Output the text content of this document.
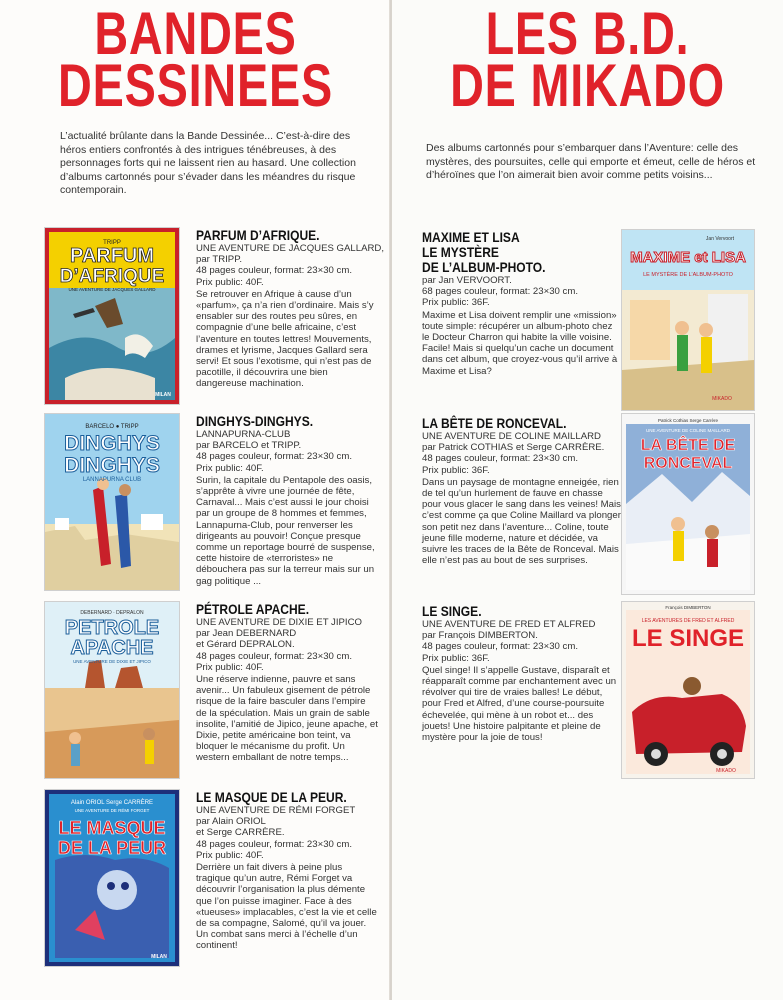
BANDES
DESSINEES
L’actualité brûlante dans la Bande Dessinée... C’est-à-dire des héros entiers confrontés à des intrigues ténébreuses, à des personnages forts qui ne laissent rien au hasard. Une collection d’albums cartonnés pour s’évader dans les méandres du risque contemporain.
TRIPP
PARFUM
D’AFRIQUE
UNE AVENTURE DE JACQUES GALLARD
MILAN
PARFUM D’AFRIQUE.
UNE AVENTURE DE JACQUES GALLARD,
par TRIPP.
48 pages couleur, format: 23×30 cm.
Prix public: 40F.
Se retrouver en Afrique à cause d’un «parfum», ça n’a rien d’ordinaire. Mais s’y ensabler sur des routes peu sûres, en compagnie d’une belle africaine, c’est l’aventure en toutes lettres! Mouvements, drames et lyrisme, Jacques Gallard sera servi! Et sous l’exotisme, qui n’est pas de pacotille, il découvrira une bien dangereuse machination.
BARCELO ● TRIPP
DINGHYS
DINGHYS
LANNAPURNA CLUB
DINGHYS-DINGHYS.
LANNAPURNA-CLUB
par BARCELO et TRIPP.
48 pages couleur, format: 23×30 cm.
Prix public: 40F.
Surin, la capitale du Pentapole des oasis, s’apprête à vivre une journée de fête, Carnaval... Mais c’est aussi le jour choisi par un groupe de 8 hommes et femmes, Lannapurna-Club, pour renverser les dirigeants au pouvoir! Conçue presque comme un reportage bourré de suspense, cette histoire de «terroristes» ne débouchera pas sur la terreur mais sur un gag politique ...
DEBERNARD · DEPRALON
PETROLE
APACHE
UNE AVENTURE DE DIXIE ET JIPICO
PÉTROLE APACHE.
UNE AVENTURE DE DIXIE ET JIPICO
par Jean DEBERNARD
et Gérard DEPRALON.
48 pages couleur, format: 23×30 cm.
Prix public: 40F.
Une réserve indienne, pauvre et sans avenir... Un fabuleux gisement de pétrole risque de la faire basculer dans l’empire de la spéculation. Mais un grain de sable insolite, l’amitié de Jipico, jeune apache, et Dixie, petite américaine bon teint, va bloquer le mécanisme du profit. Un western emballant de notre temps...
Alain ORIOL Serge CARRÈRE
UNE AVENTURE DE RÉMI FORGET
LE MASQUE
DE LA PEUR
MILAN
LE MASQUE DE LA PEUR.
UNE AVENTURE DE RÉMI FORGET
par Alain ORIOL
et Serge CARRÈRE.
48 pages couleur, format: 23×30 cm.
Prix public: 40F.
Derrière un fait divers à peine plus tragique qu’un autre, Rémi Forget va découvrir l’organisation la plus démente que l’on puisse imaginer. Face à des «tueuses» implacables, c’est la vie et celle de sa compagne, Salomé, qu’il va jouer. Un combat sans merci à l’échelle d’un continent!
LES B.D.
DE MIKADO
Des albums cartonnés pour s’embarquer dans l’Aventure: celle des mystères, des poursuites, celle qui emporte et émeut, celle de héros et d’héroïnes que l’on aimerait bien avoir comme petits voisins...
MAXIME ET LISA
LE MYSTÈRE
DE L’ALBUM-PHOTO.
par Jan VERVOORT.
68 pages couleur, format: 23×30 cm.
Prix public: 36F.
Maxime et Lisa doivent remplir une «mission» toute simple: récupérer un album-photo chez le Docteur Charron qui habite la ville voisine. Facile! Mais si quelqu’un cache un document dans cet album, que croyez-vous qu’il arrive à Maxime et Lisa?
Jan Vervoort
MAXIME et LISA
LE MYSTÈRE DE L’ALBUM-PHOTO
MIKADO
LA BÊTE DE RONCEVAL.
UNE AVENTURE DE COLINE MAILLARD
par Patrick COTHIAS et Serge CARRÈRE.
48 pages couleur, format: 23×30 cm.
Prix public: 36F.
Dans un paysage de montagne enneigée, rien de tel qu’un hurlement de fauve en chasse pour vous glacer le sang dans les veines! Mais c’est comme ça que Coline Maillard va plonger son petit nez dans l’aventure... Coline, toute jeune fille moderne, nature et décidée, va suivre les traces de la Bête de Ronceval. Mais elle n’est pas au bout de ses surprises.
Patrick Cothias Serge Carrère
UNE AVENTURE DE COLINE MAILLARD
LA BÊTE DE
RONCEVAL
LE SINGE.
UNE AVENTURE DE FRED ET ALFRED
par François DIMBERTON.
48 pages couleur, format: 23×30 cm.
Prix public: 36F.
Quel singe! Il s’appelle Gustave, disparaît et réapparaît comme par enchantement avec un révolver qui tire de vraies balles! Le début, pour Fred et Alfred, d’une course-poursuite échevelée, qui mène à un robot et... des jouets! Une histoire palpitante et pleine de mystère pour la joie de tous!
François DIMBERTON
LES AVENTURES DE FRED ET ALFRED
LE SINGE
MIKADO
